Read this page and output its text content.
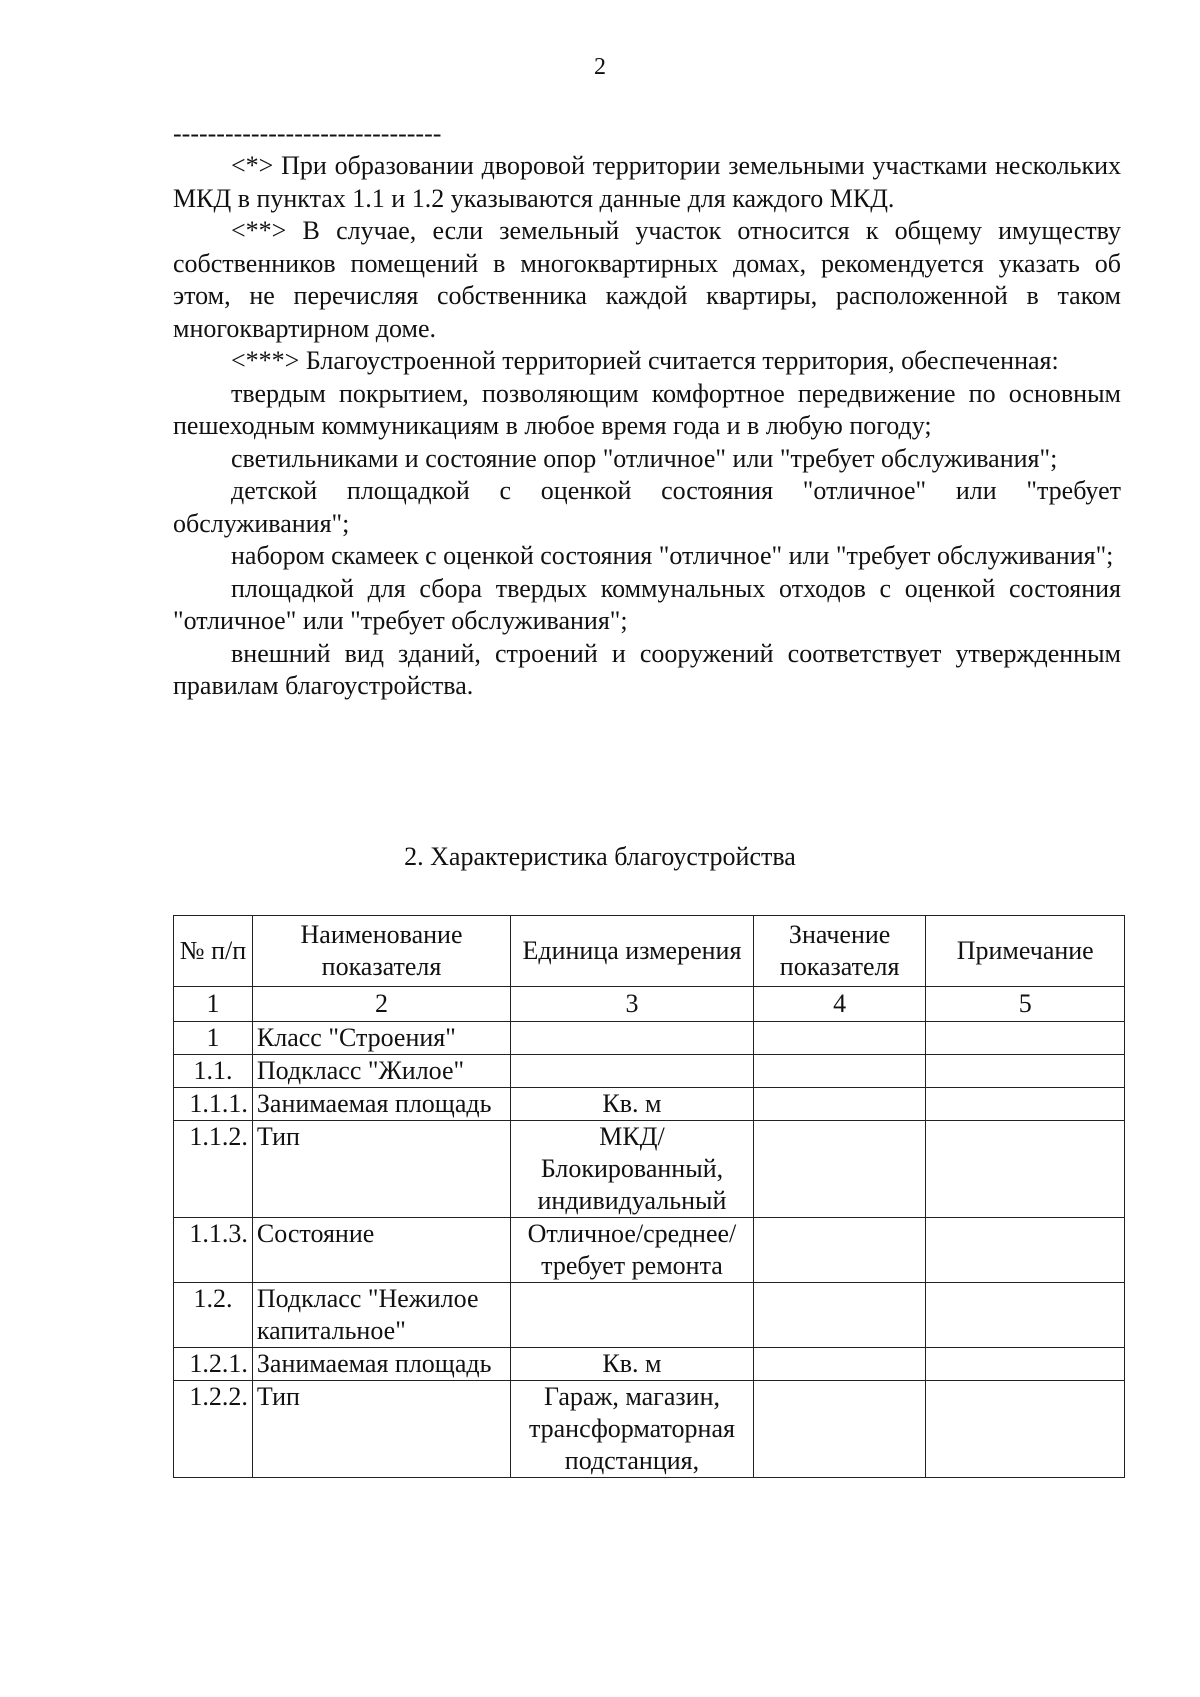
2

-------------------------------

<*> При образовании дворовой территории земельными участками нескольких МКД в пунктах 1.1 и 1.2 указываются данные для каждого МКД.

<**> В случае, если земельный участок относится к общему имуществу собственников помещений в многоквартирных домах, рекомендуется указать об этом, не перечисляя собственника каждой квартиры, расположенной в таком многоквартирном доме.

<***> Благоустроенной территорией считается территория, обеспеченная:

твердым покрытием, позволяющим комфортное передвижение по основным пешеходным коммуникациям в любое время года и в любую погоду;

светильниками и состояние опор "отличное" или "требует обслуживания";

детской площадкой с оценкой состояния "отличное" или "требует обслуживания";

набором скамеек с оценкой состояния "отличное" или "требует обслуживания";

площадкой для сбора твердых коммунальных отходов с оценкой состояния "отличное" или "требует обслуживания";

внешний вид зданий, строений и сооружений соответствует утвержденным правилам благоустройства.

2. Характеристика благоустройства
№ п/п	Наименование показателя	Единица измерения	Значение показателя	Примечание
1	2	3	4	5
1	Класс "Строения"			
1.1.	Подкласс "Жилое"			
1.1.1.	Занимаемая площадь	Кв. м		
1.1.2.	Тип	МКД/ Блокированный, индивидуальный		
1.1.3.	Состояние	Отличное/среднее/ требует ремонта		
1.2.	Подкласс "Нежилое капитальное"			
1.2.1.	Занимаемая площадь	Кв. м		
1.2.2.	Тип	Гараж, магазин, трансформаторная подстанция,		
